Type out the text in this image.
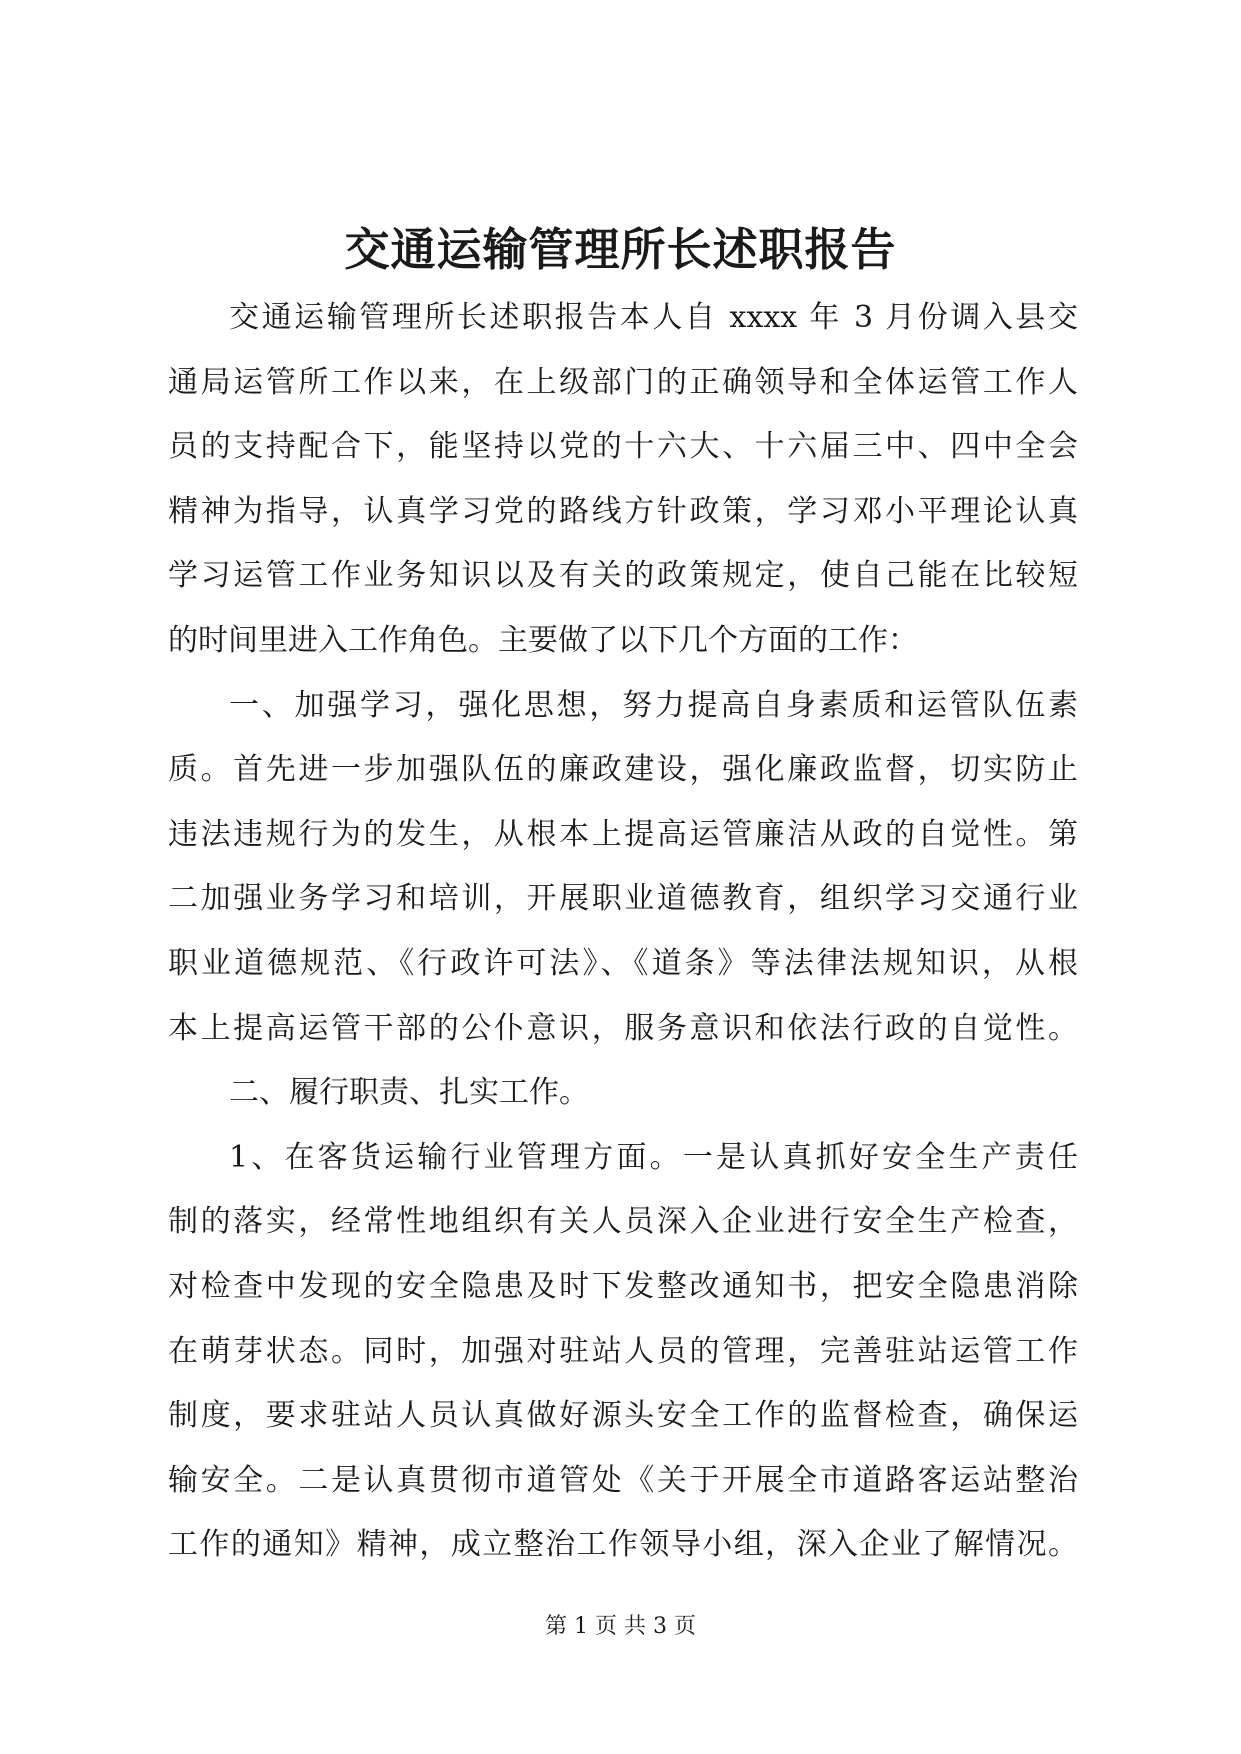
交通运输管理所长述职报告
交通运输管理所长述职报告本人自 xxxx 年 3 月份调入县交
通局运管所工作以来，在上级部门的正确领导和全体运管工作人
员的支持配合下，能坚持以党的十六大、十六届三中、四中全会
精神为指导，认真学习党的路线方针政策，学习邓小平理论认真
学习运管工作业务知识以及有关的政策规定，使自己能在比较短
的时间里进入工作角色。主要做了以下几个方面的工作：
一、加强学习，强化思想，努力提高自身素质和运管队伍素
质。首先进一步加强队伍的廉政建设，强化廉政监督，切实防止
违法违规行为的发生，从根本上提高运管廉洁从政的自觉性。第
二加强业务学习和培训，开展职业道德教育，组织学习交通行业
职业道德规范、《行政许可法》、《道条》等法律法规知识，从根
本上提高运管干部的公仆意识，服务意识和依法行政的自觉性。
二、履行职责、扎实工作。
1、在客货运输行业管理方面。一是认真抓好安全生产责任
制的落实，经常性地组织有关人员深入企业进行安全生产检查，
对检查中发现的安全隐患及时下发整改通知书，把安全隐患消除
在萌芽状态。同时，加强对驻站人员的管理，完善驻站运管工作
制度，要求驻站人员认真做好源头安全工作的监督检查，确保运
输安全。二是认真贯彻市道管处《关于开展全市道路客运站整治
工作的通知》精神，成立整治工作领导小组，深入企业了解情况。
第 1 页 共 3 页
